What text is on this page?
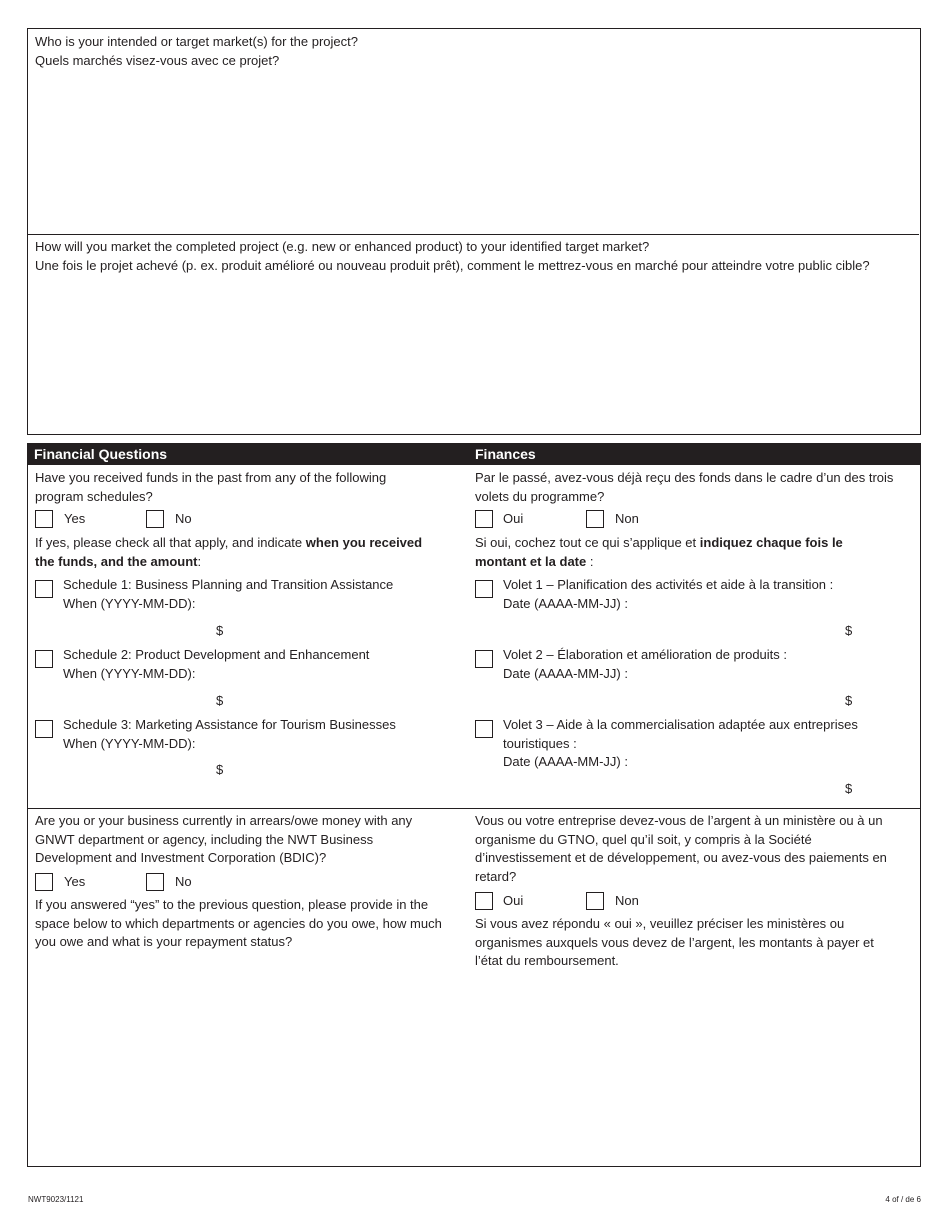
Who is your intended or target market(s) for the project?
Quels marchés visez-vous avec ce projet?
How will you market the completed project (e.g. new or enhanced product) to your identified target market?
Une fois le projet achevé (p. ex. produit amélioré ou nouveau produit prêt), comment le mettrez-vous en marché pour atteindre votre public cible?
Financial Questions	Finances
Have you received funds in the past from any of the following program schedules?
Yes	No
If yes, please check all that apply, and indicate when you received the funds, and the amount:
Schedule 1: Business Planning and Transition Assistance
When (YYYY-MM-DD):
$
Schedule 2: Product Development and Enhancement
When (YYYY-MM-DD):
$
Schedule 3: Marketing Assistance for Tourism Businesses
When (YYYY-MM-DD):
$
Par le passé, avez-vous déjà reçu des fonds dans le cadre d’un des trois volets du programme?
Oui	Non
Si oui, cochez tout ce qui s’applique et indiquez chaque fois le montant et la date :
Volet 1 – Planification des activités et aide à la transition :
Date (AAAA-MM-JJ) :
$
Volet 2 – Élaboration et amélioration de produits :
Date (AAAA-MM-JJ) :
$
Volet 3 – Aide à la commercialisation adaptée aux entreprises touristiques :
Date (AAAA-MM-JJ) :
$
Are you or your business currently in arrears/owe money with any GNWT department or agency, including the NWT Business Development and Investment Corporation (BDIC)?
Yes	No
If you answered “yes” to the previous question, please provide in the space below to which departments or agencies do you owe, how much you owe and what is your repayment status?
Vous ou votre entreprise devez-vous de l’argent à un ministère ou à un organisme du GTNO, quel qu’il soit, y compris à la Société d’investissement et de développement, ou avez-vous des paiements en retard?
Oui	Non
Si vous avez répondu « oui », veuillez préciser les ministères ou organismes auxquels vous devez de l’argent, les montants à payer et l’état du remboursement.
NWT9023/1121	4 of / de 6
